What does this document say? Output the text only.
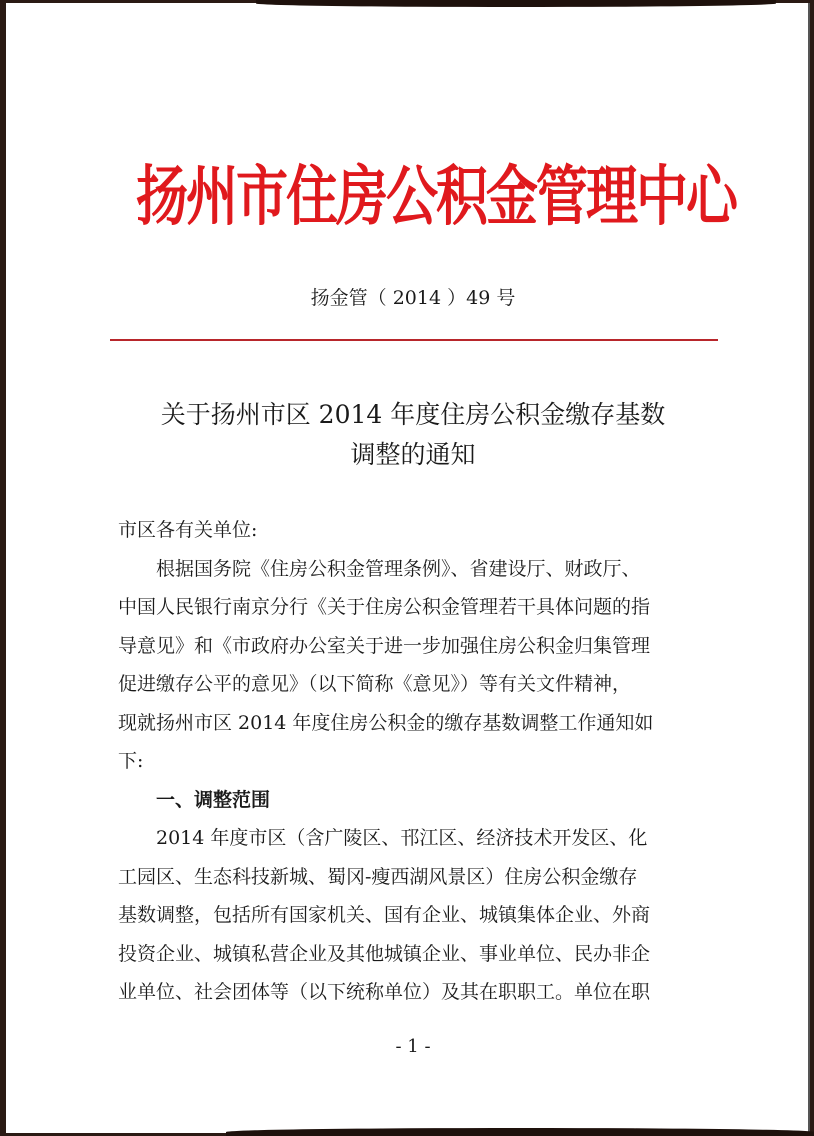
扬州市住房公积金管理中心
扬金管（ 2014 ）49 号
关于扬州市区 2014 年度住房公积金缴存基数
调整的通知
市区各有关单位:
根据国务院《住房公积金管理条例》、省建设厅、财政厅、
中国人民银行南京分行《关于住房公积金管理若干具体问题的指
导意见》和《市政府办公室关于进一步加强住房公积金归集管理
促进缴存公平的意见》（以下简称《意见》）等有关文件精神，
现就扬州市区 2014 年度住房公积金的缴存基数调整工作通知如
下:
一、调整范围
2014 年度市区（含广陵区、邗江区、经济技术开发区、化
工园区、生态科技新城、蜀冈-瘦西湖风景区）住房公积金缴存
基数调整，包括所有国家机关、国有企业、城镇集体企业、外商
投资企业、城镇私营企业及其他城镇企业、事业单位、民办非企
业单位、社会团体等（以下统称单位）及其在职职工。单位在职
- 1 -
